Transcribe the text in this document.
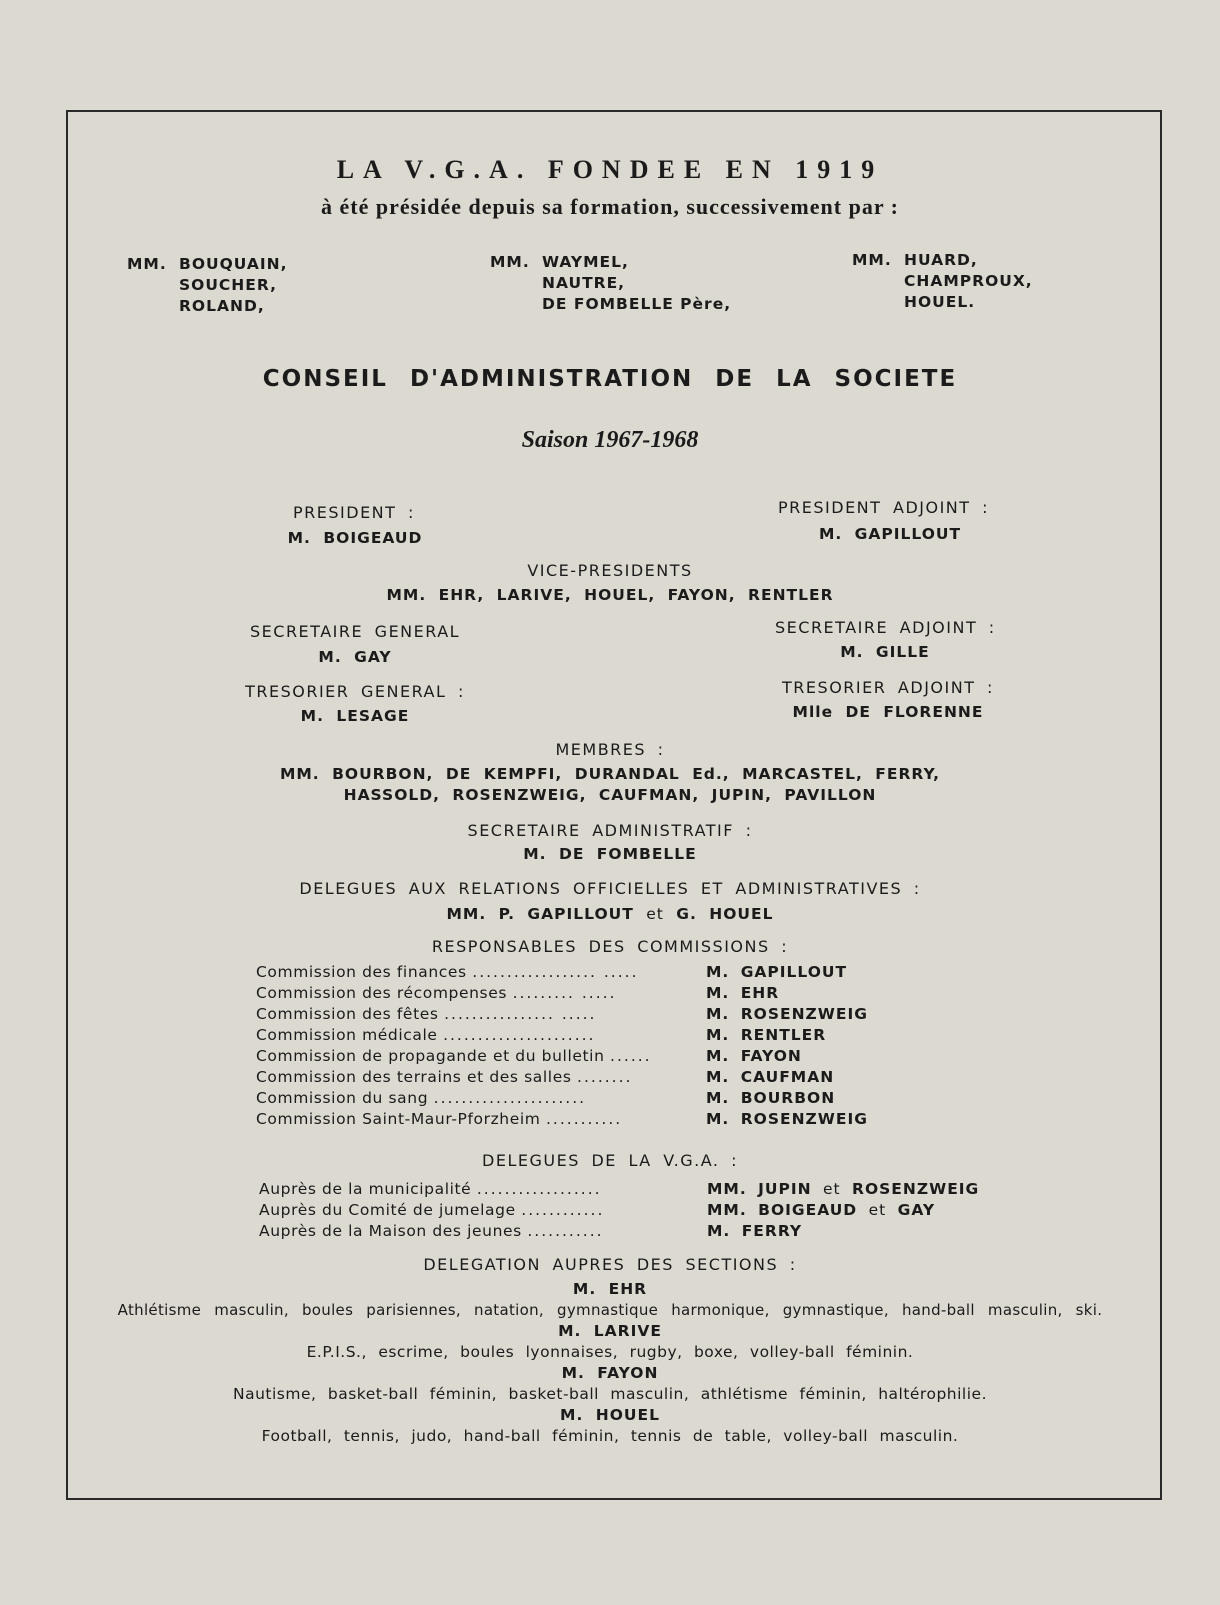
LA V.G.A. FONDEE EN 1919
à été présidée depuis sa formation, successivement par :
MM. BOUQUAIN,
SOUCHER,
ROLAND,
MM. WAYMEL,
NAUTRE,
DE FOMBELLE Père,
MM. HUARD,
CHAMPROUX,
HOUEL.
CONSEIL D'ADMINISTRATION DE LA SOCIETE
Saison 1967-1968
PRESIDENT :
M. BOIGEAUD
PRESIDENT ADJOINT :
M. GAPILLOUT
VICE-PRESIDENTS
MM. EHR, LARIVE, HOUEL, FAYON, RENTLER
SECRETAIRE GENERAL
M. GAY
SECRETAIRE ADJOINT :
M. GILLE
TRESORIER GENERAL :
M. LESAGE
TRESORIER ADJOINT :
Mlle DE FLORENNE
MEMBRES :
MM. BOURBON, DE KEMPFI, DURANDAL Ed., MARCASTEL, FERRY,
HASSOLD, ROSENZWEIG, CAUFMAN, JUPIN, PAVILLON
SECRETAIRE ADMINISTRATIF :
M. DE FOMBELLE
DELEGUES AUX RELATIONS OFFICIELLES ET ADMINISTRATIVES :
MM. P. GAPILLOUT et G. HOUEL
RESPONSABLES DES COMMISSIONS :
Commission des finances .................. .....	M. GAPILLOUT
Commission des récompenses ......... .....	M. EHR
Commission des fêtes ................ .....	M. ROSENZWEIG
Commission médicale ......................	M. RENTLER
Commission de propagande et du bulletin ......	M. FAYON
Commission des terrains et des salles ........	M. CAUFMAN
Commission du sang ......................	M. BOURBON
Commission Saint-Maur-Pforzheim ...........	M. ROSENZWEIG
DELEGUES DE LA V.G.A. :
Auprès de la municipalité ..................	MM. JUPIN et ROSENZWEIG
Auprès du Comité de jumelage ............	MM. BOIGEAUD et GAY
Auprès de la Maison des jeunes ...........	M. FERRY
DELEGATION AUPRES DES SECTIONS :
M. EHR
Athlétisme masculin, boules parisiennes, natation, gymnastique harmonique, gymnastique, hand-ball masculin, ski.
M. LARIVE
E.P.I.S., escrime, boules lyonnaises, rugby, boxe, volley-ball féminin.
M. FAYON
Nautisme, basket-ball féminin, basket-ball masculin, athlétisme féminin, haltérophilie.
M. HOUEL
Football, tennis, judo, hand-ball féminin, tennis de table, volley-ball masculin.
